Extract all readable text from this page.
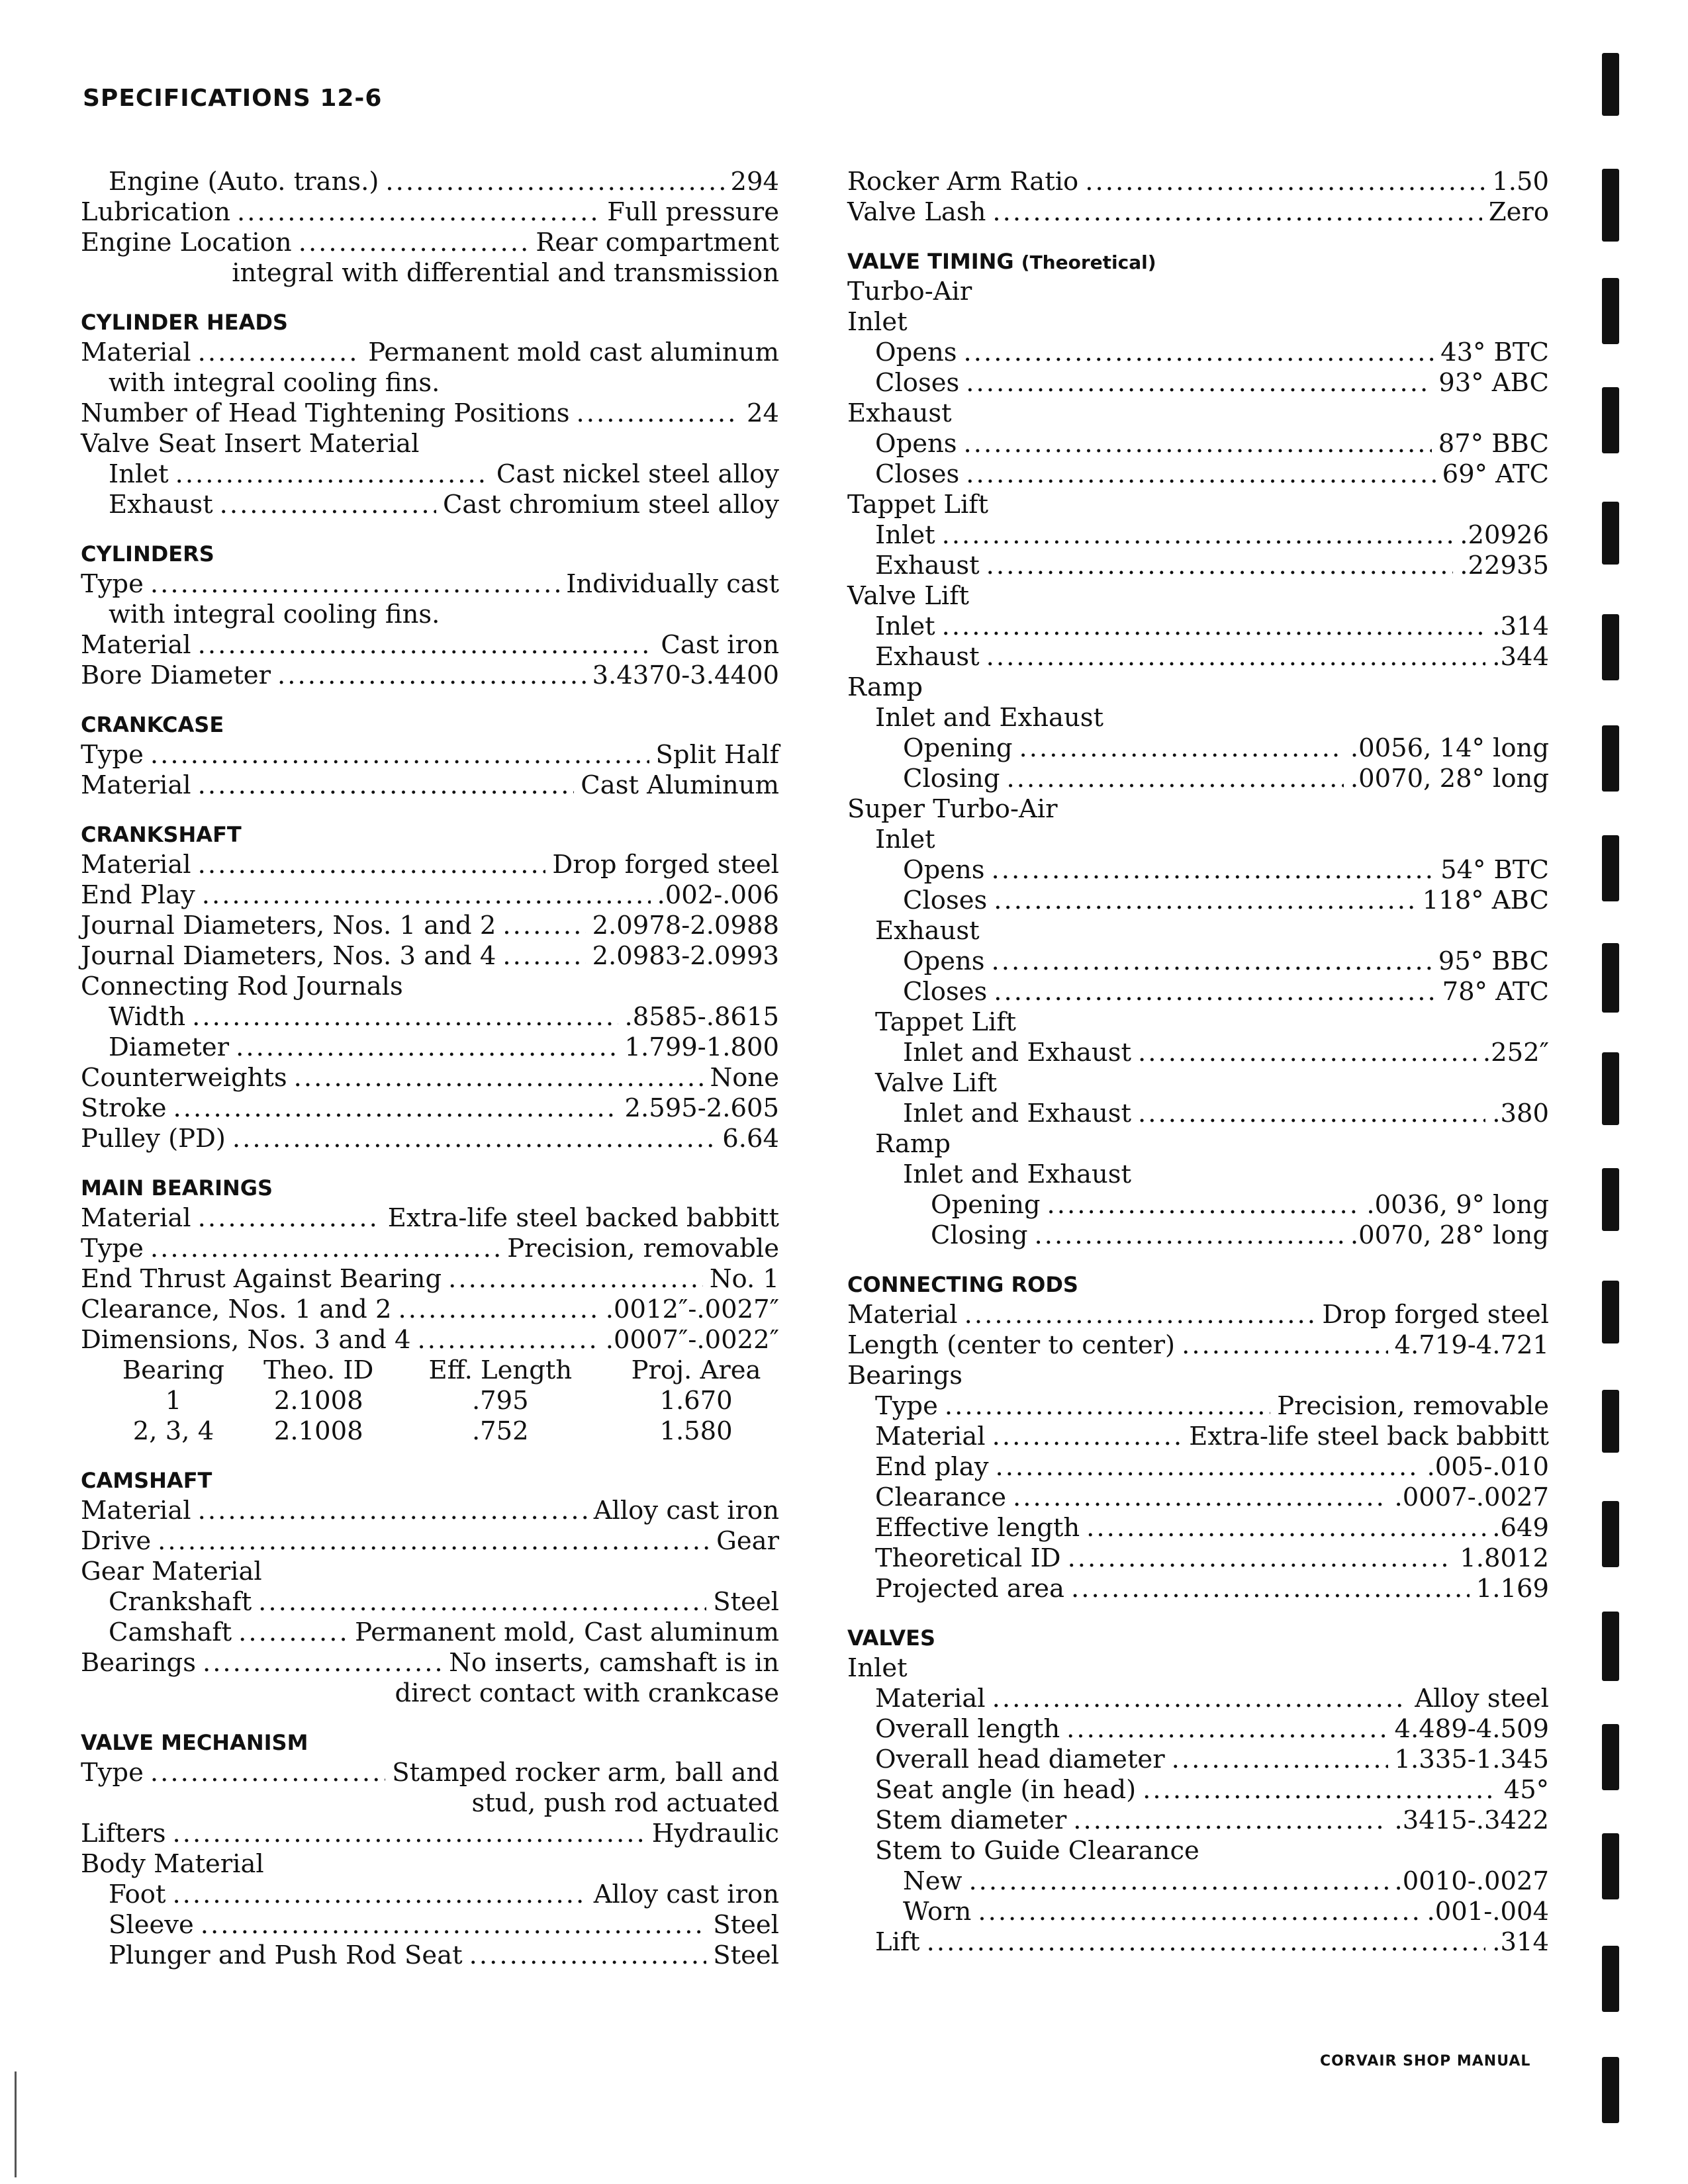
SPECIFICATIONS 12-6
Engine (Auto. trans.) .....	294
Lubrication .....	Full pressure
Engine Location .....	Rear compartment
integral with differential and transmission
CYLINDER HEADS
Material .....	Permanent mold cast aluminum
with integral cooling fins.
Number of Head Tightening Positions .....	24
Valve Seat Insert Material
Inlet .....	Cast nickel steel alloy
Exhaust .....	Cast chromium steel alloy
CYLINDERS
Type .....	Individually cast
with integral cooling fins.
Material .....	Cast iron
Bore Diameter .....	3.4370-3.4400
CRANKCASE
Type .....	Split Half
Material .....	Cast Aluminum
CRANKSHAFT
Material .....	Drop forged steel
End Play .....	.002-.006
Journal Diameters, Nos. 1 and 2 .....	2.0978-2.0988
Journal Diameters, Nos. 3 and 4 .....	2.0983-2.0993
Connecting Rod Journals
Width .....	.8585-.8615
Diameter .....	1.799-1.800
Counterweights .....	None
Stroke .....	2.595-2.605
Pulley (PD) .....	6.64
MAIN BEARINGS
Material .....	Extra-life steel backed babbitt
Type .....	Precision, removable
End Thrust Against Bearing .....	No. 1
Clearance, Nos. 1 and 2 .....	.0012″-.0027″
Dimensions, Nos. 3 and 4 .....	.0007″-.0022″
Bearing	Theo. ID	Eff. Length	Proj. Area
1	2.1008	.795	1.670
2, 3, 4	2.1008	.752	1.580
CAMSHAFT
Material .....	Alloy cast iron
Drive .....	Gear
Gear Material
Crankshaft .....	Steel
Camshaft .....	Permanent mold, Cast aluminum
Bearings .....	No inserts, camshaft is in
direct contact with crankcase
VALVE MECHANISM
Type .....	Stamped rocker arm, ball and
stud, push rod actuated
Lifters .....	Hydraulic
Body Material
Foot .....	Alloy cast iron
Sleeve .....	Steel
Plunger and Push Rod Seat .....	Steel
Rocker Arm Ratio .....	1.50
Valve Lash .....	Zero
VALVE TIMING (Theoretical)
Turbo-Air
Inlet
Opens .....	43° BTC
Closes .....	93° ABC
Exhaust
Opens .....	87° BBC
Closes .....	69° ATC
Tappet Lift
Inlet .....	.20926
Exhaust .....	.22935
Valve Lift
Inlet .....	.314
Exhaust .....	.344
Ramp
Inlet and Exhaust
Opening .....	.0056, 14° long
Closing .....	.0070, 28° long
Super Turbo-Air
Inlet
Opens .....	54° BTC
Closes .....	118° ABC
Exhaust
Opens .....	95° BBC
Closes .....	78° ATC
Tappet Lift
Inlet and Exhaust .....	.252″
Valve Lift
Inlet and Exhaust .....	.380
Ramp
Inlet and Exhaust
Opening .....	.0036, 9° long
Closing .....	.0070, 28° long
CONNECTING RODS
Material .....	Drop forged steel
Length (center to center) .....	4.719-4.721
Bearings
Type .....	Precision, removable
Material .....	Extra-life steel back babbitt
End play .....	.005-.010
Clearance .....	.0007-.0027
Effective length .....	.649
Theoretical ID .....	1.8012
Projected area .....	1.169
VALVES
Inlet
Material .....	Alloy steel
Overall length .....	4.489-4.509
Overall head diameter .....	1.335-1.345
Seat angle (in head) .....	45°
Stem diameter .....	.3415-.3422
Stem to Guide Clearance
New .....	.0010-.0027
Worn .....	.001-.004
Lift .....	.314
CORVAIR SHOP MANUAL
